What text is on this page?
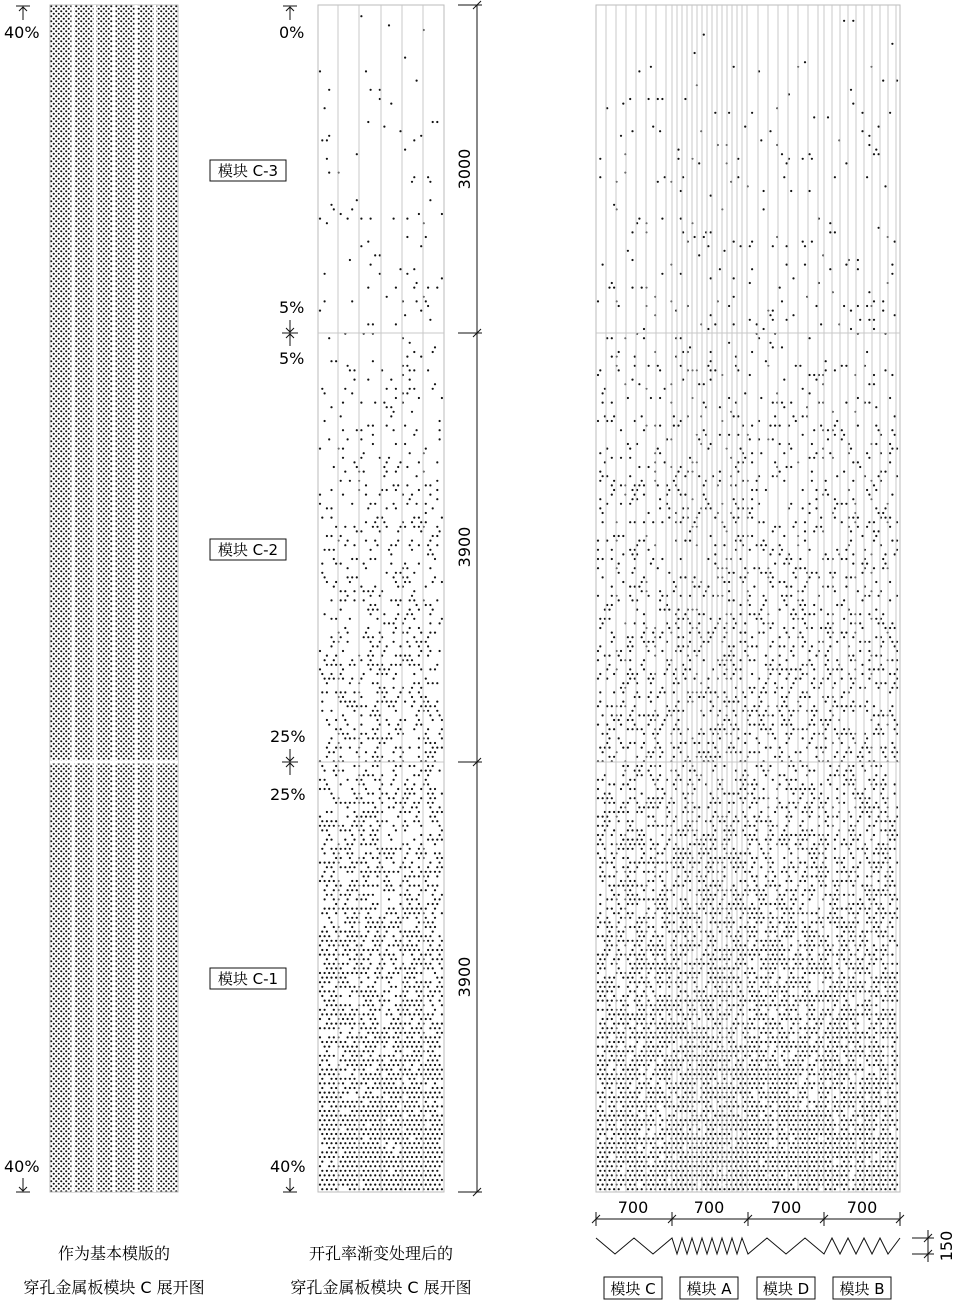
40%
40%
0%
5%
5%
25%
25%
40%
模块 C-3
模块 C-2
模块 C-1
3000
3900
3900
700	700	700	700
150
模块 C 模块 A 模块 D 模块 B
作为基本模版的
穿孔金属板模块 C 展开图
开孔率渐变处理后的
穿孔金属板模块 C 展开图
